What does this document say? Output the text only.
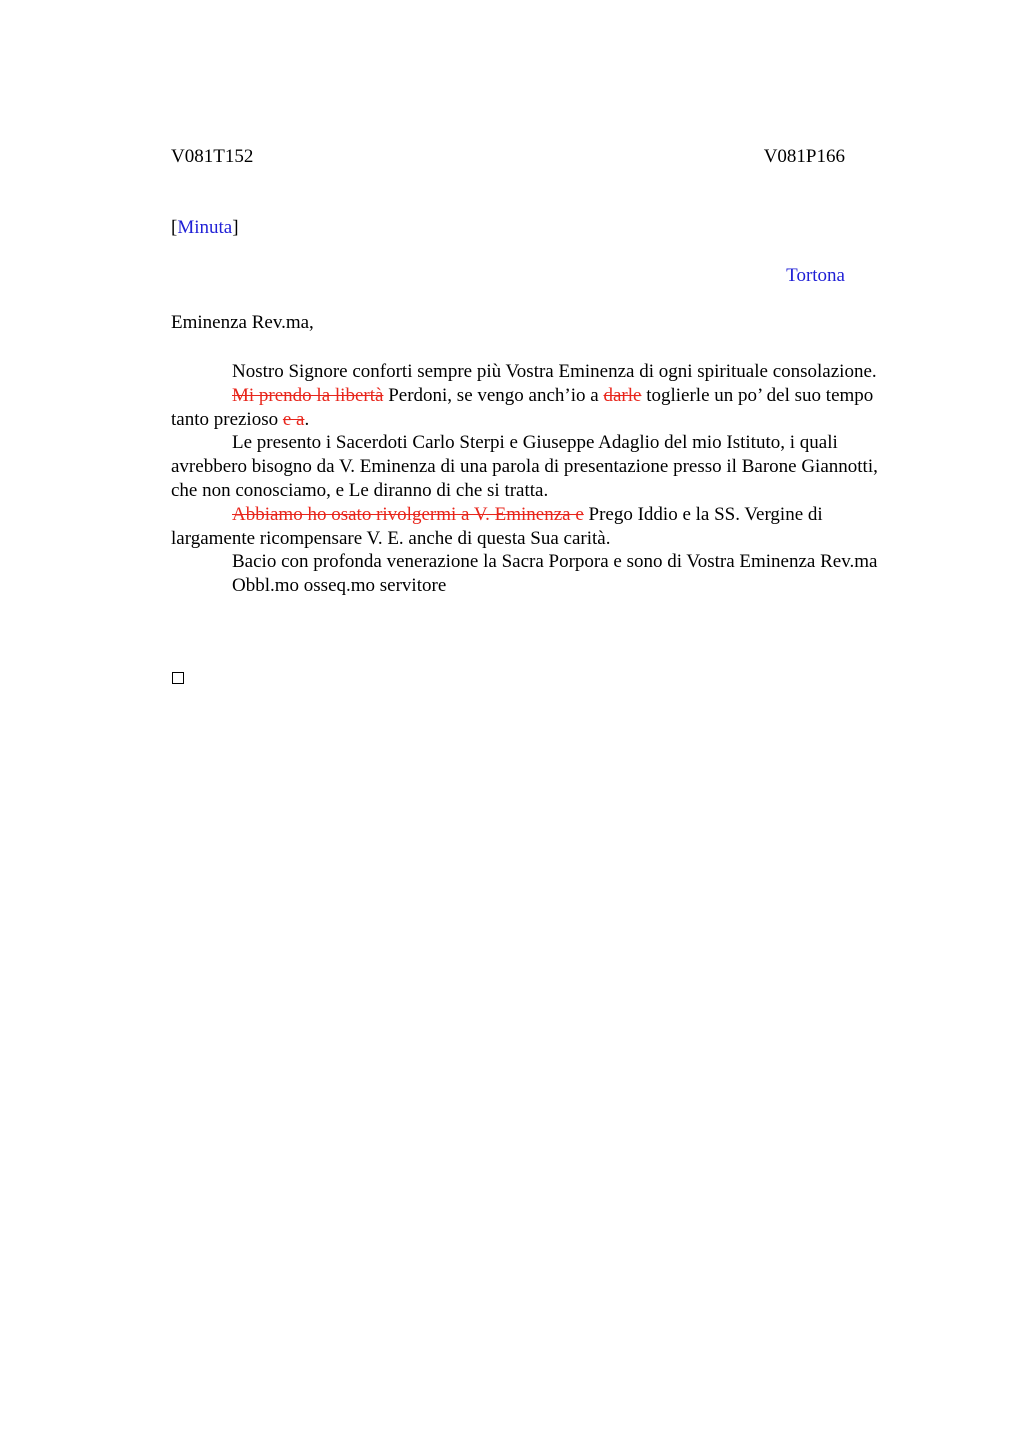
V081T152	V081P166
[Minuta]
Tortona
Eminenza Rev.ma,

Nostro Signore conforti sempre più Vostra Eminenza di ogni spirituale consolazione.

Mi prendo la libertà Perdoni, se vengo anch’io a darle toglierle un po’ del suo tempo tanto prezioso e a.

Le presento i Sacerdoti Carlo Sterpi e Giuseppe Adaglio del mio Istituto, i quali avrebbero bisogno da V. Eminenza di una parola di presentazione presso il Barone Giannotti, che non conosciamo, e Le diranno di che si tratta.

Abbiamo ho osato rivolgermi a V. Eminenza e Prego Iddio e la SS. Vergine di largamente ricompensare V. E. anche di questa Sua carità.

Bacio con profonda venerazione la Sacra Porpora e sono di Vostra Eminenza Rev.ma

Obbl.mo osseq.mo servitore
